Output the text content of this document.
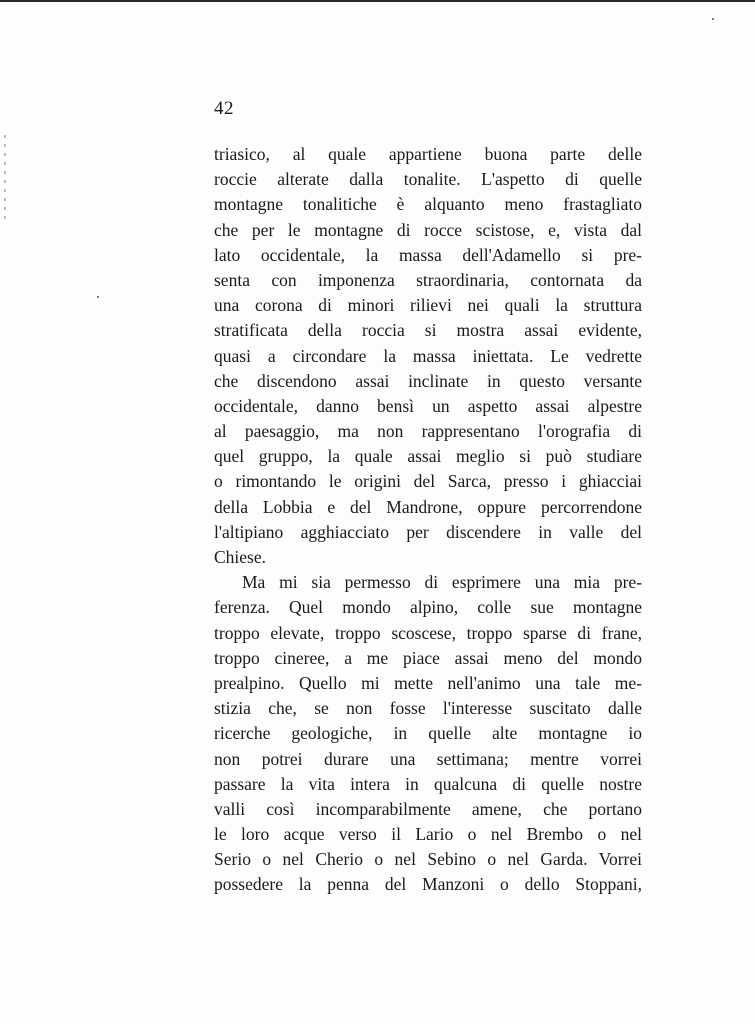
42
triasico, al quale appartiene buona parte delle
roccie alterate dalla tonalite. L'aspetto di quelle
montagne tonalitiche è alquanto meno frastagliato
che per le montagne di rocce scistose, e, vista dal
lato occidentale, la massa dell'Adamello si pre-
senta con imponenza straordinaria, contornata da
una corona di minori rilievi nei quali la struttura
stratificata della roccia si mostra assai evidente,
quasi a circondare la massa iniettata. Le vedrette
che discendono assai inclinate in questo versante
occidentale, danno bensì un aspetto assai alpestre
al paesaggio, ma non rappresentano l'orografia di
quel gruppo, la quale assai meglio si può studiare
o rimontando le origini del Sarca, presso i ghiacciai
della Lobbia e del Mandrone, oppure percorrendone
l'altipiano agghiacciato per discendere in valle del
Chiese.
Ma mi sia permesso di esprimere una mia pre-
ferenza. Quel mondo alpino, colle sue montagne
troppo elevate, troppo scoscese, troppo sparse di frane,
troppo cineree, a me piace assai meno del mondo
prealpino. Quello mi mette nell'animo una tale me-
stizia che, se non fosse l'interesse suscitato dalle
ricerche geologiche, in quelle alte montagne io
non potrei durare una settimana; mentre vorrei
passare la vita intera in qualcuna di quelle nostre
valli così incomparabilmente amene, che portano
le loro acque verso il Lario o nel Brembo o nel
Serio o nel Cherio o nel Sebino o nel Garda. Vorrei
possedere la penna del Manzoni o dello Stoppani,
